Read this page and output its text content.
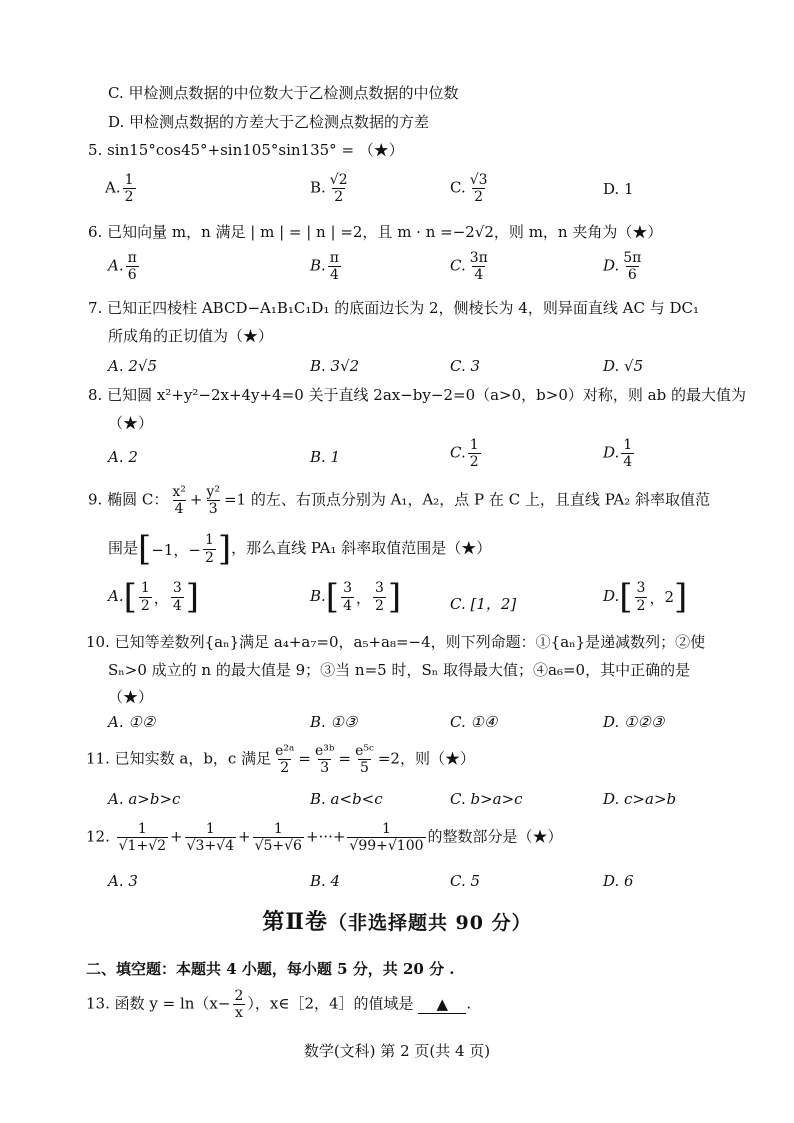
C. 甲检测点数据的中位数大于乙检测点数据的中位数
D. 甲检测点数据的方差大于乙检测点数据的方差
5. sin15°cos45°+sin105°sin135° = （★）
A. $\frac{1}{2}$	B. $\frac{√2}{2}$	C. $\frac{√3}{2}$	D. 1
6. 已知向量 m，n 满足 | m | = | n | =2，且 m · n =−2√2，则 m，n 夹角为（★）
A. $\frac{\pi}{6}$	B. $\frac{\pi}{4}$	C. $\frac{3\pi}{4}$	D. $\frac{5\pi}{6}$
7. 已知正四棱柱 ABCD−A₁B₁C₁D₁ 的底面边长为 2，侧棱长为 4，则异面直线 AC 与 DC₁
所成角的正切值为（★）
A. 2√5	B. 3√2	C. 3	D. √5
8. 已知圆 x²+y²−2x+4y+4=0 关于直线 2ax−by−2=0（a>0，b>0）对称，则 ab 的最大值为
（★）
A. 2	B. 1	C. $\frac{1}{2}$	D. $\frac{1}{4}$
9. 椭圆 C： $\frac{\text{x²}}{4} + \frac{\text{y²}}{3} =1$ 的左、右顶点分别为 A₁，A₂，点 P 在 C 上，且直线 PA₂ 斜率取值范
围是 [ −1，− $\frac{1}{2}$ ] ，那么直线 PA₁ 斜率取值范围是（★）
A. [ $\frac{1}{2}$ ， $\frac{3}{4}$ ]	B. [ $\frac{3}{4}$ ， $\frac{3}{2}$ ]	C. [1，2]	D. [ $\frac{3}{2}$ ， 2 ]
10. 已知等差数列{aₙ}满足 a₄+a₇=0，a₅+a₈=−4，则下列命题：①{aₙ}是递减数列；②使
Sₙ>0 成立的 n 的最大值是 9；③当 n=5 时，Sₙ 取得最大值；④a₆=0，其中正确的是
（★）
A. ①②	B. ①③	C. ①④	D. ①②③
11. 已知实数 a，b，c 满足 $\frac{\text{e²ᵃ}}{2} = \frac{\text{e³ᵇ}}{3} = \frac{\text{e⁵ᶜ}}{5} =2$，则（★）
A. a>b>c	B. a<b<c	C. b>a>c	D. c>a>b
12. $\frac{1}{√1+√2} + \frac{1}{√3+√4} + \frac{1}{√5+√6}$ +···+ $\frac{1}{√99+√100}$ 的整数部分是（★）
A. 3	B. 4	C. 5	D. 6
第Ⅱ卷（非选择题共 90 分）
二、填空题：本题共 4 小题，每小题 5 分，共 20 分 .
13. 函数 $y = \ln(x- \frac{2}{x}$ ），x∈［2，4］的值域是 ▲ .
数学(文科) 第 2 页(共 4 页)
